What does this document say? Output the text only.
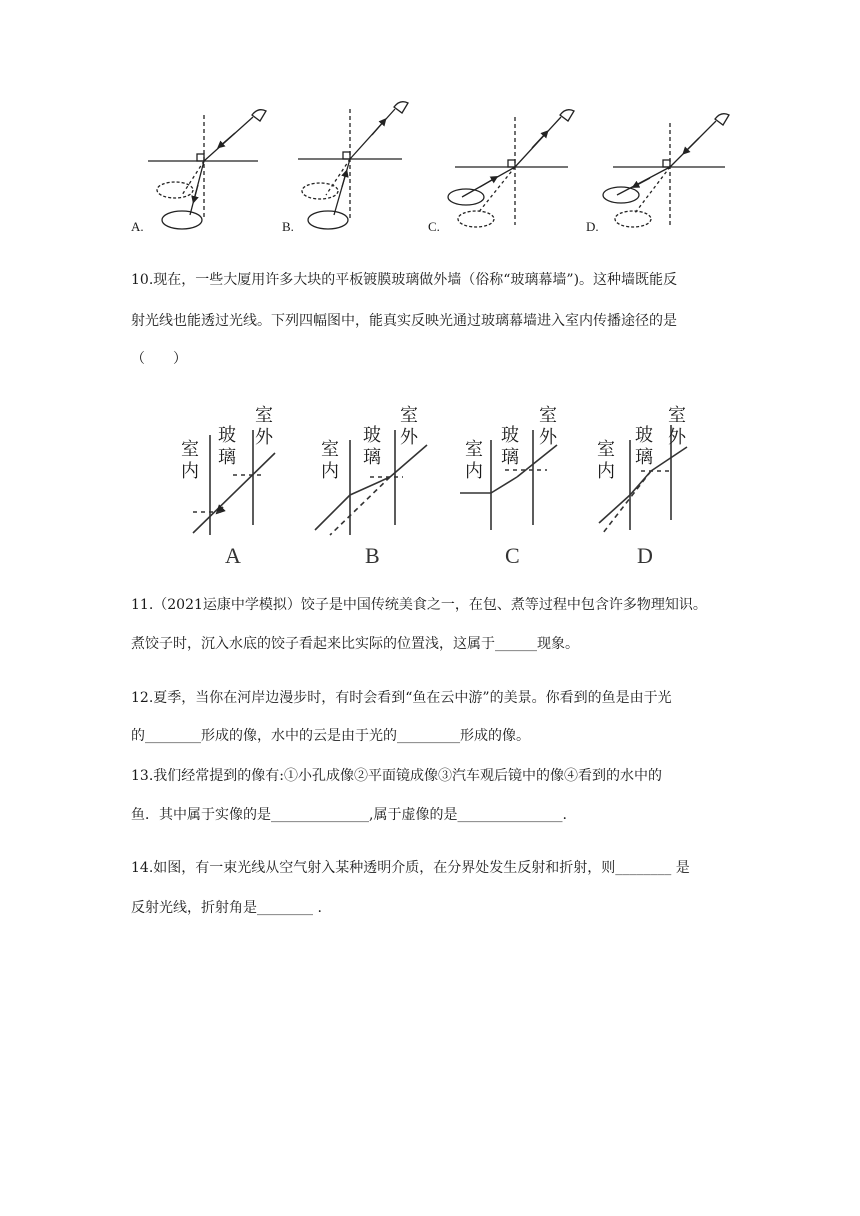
A.	B.	C.	D.
10.现在，一些大厦用许多大块的平板镀膜玻璃做外墙（俗称“玻璃幕墙”)。这种墙既能反
射光线也能透过光线。下列四幅图中，能真实反映光通过玻璃幕墙进入室内传播途径的是
（　　）
室内
玻璃
室外
室内
玻璃
室外
室内
玻璃
室外
室内
玻璃
室外
A	B	C	D
11.（2021运康中学模拟）饺子是中国传统美食之一，在包、煮等过程中包含许多物理知识。
煮饺子时，沉入水底的饺子看起来比实际的位置浅，这属于______现象。
12.夏季，当你在河岸边漫步时，有时会看到“鱼在云中游”的美景。你看到的鱼是由于光
的________形成的像，水中的云是由于光的_________形成的像。
13.我们经常提到的像有:①小孔成像②平面镜成像③汽车观后镜中的像④看到的水中的
鱼．其中属于实像的是______________,属于虚像的是_______________.
14.如图，有一束光线从空气射入某种透明介质，在分界处发生反射和折射，则________ 是
反射光线，折射角是________ .
